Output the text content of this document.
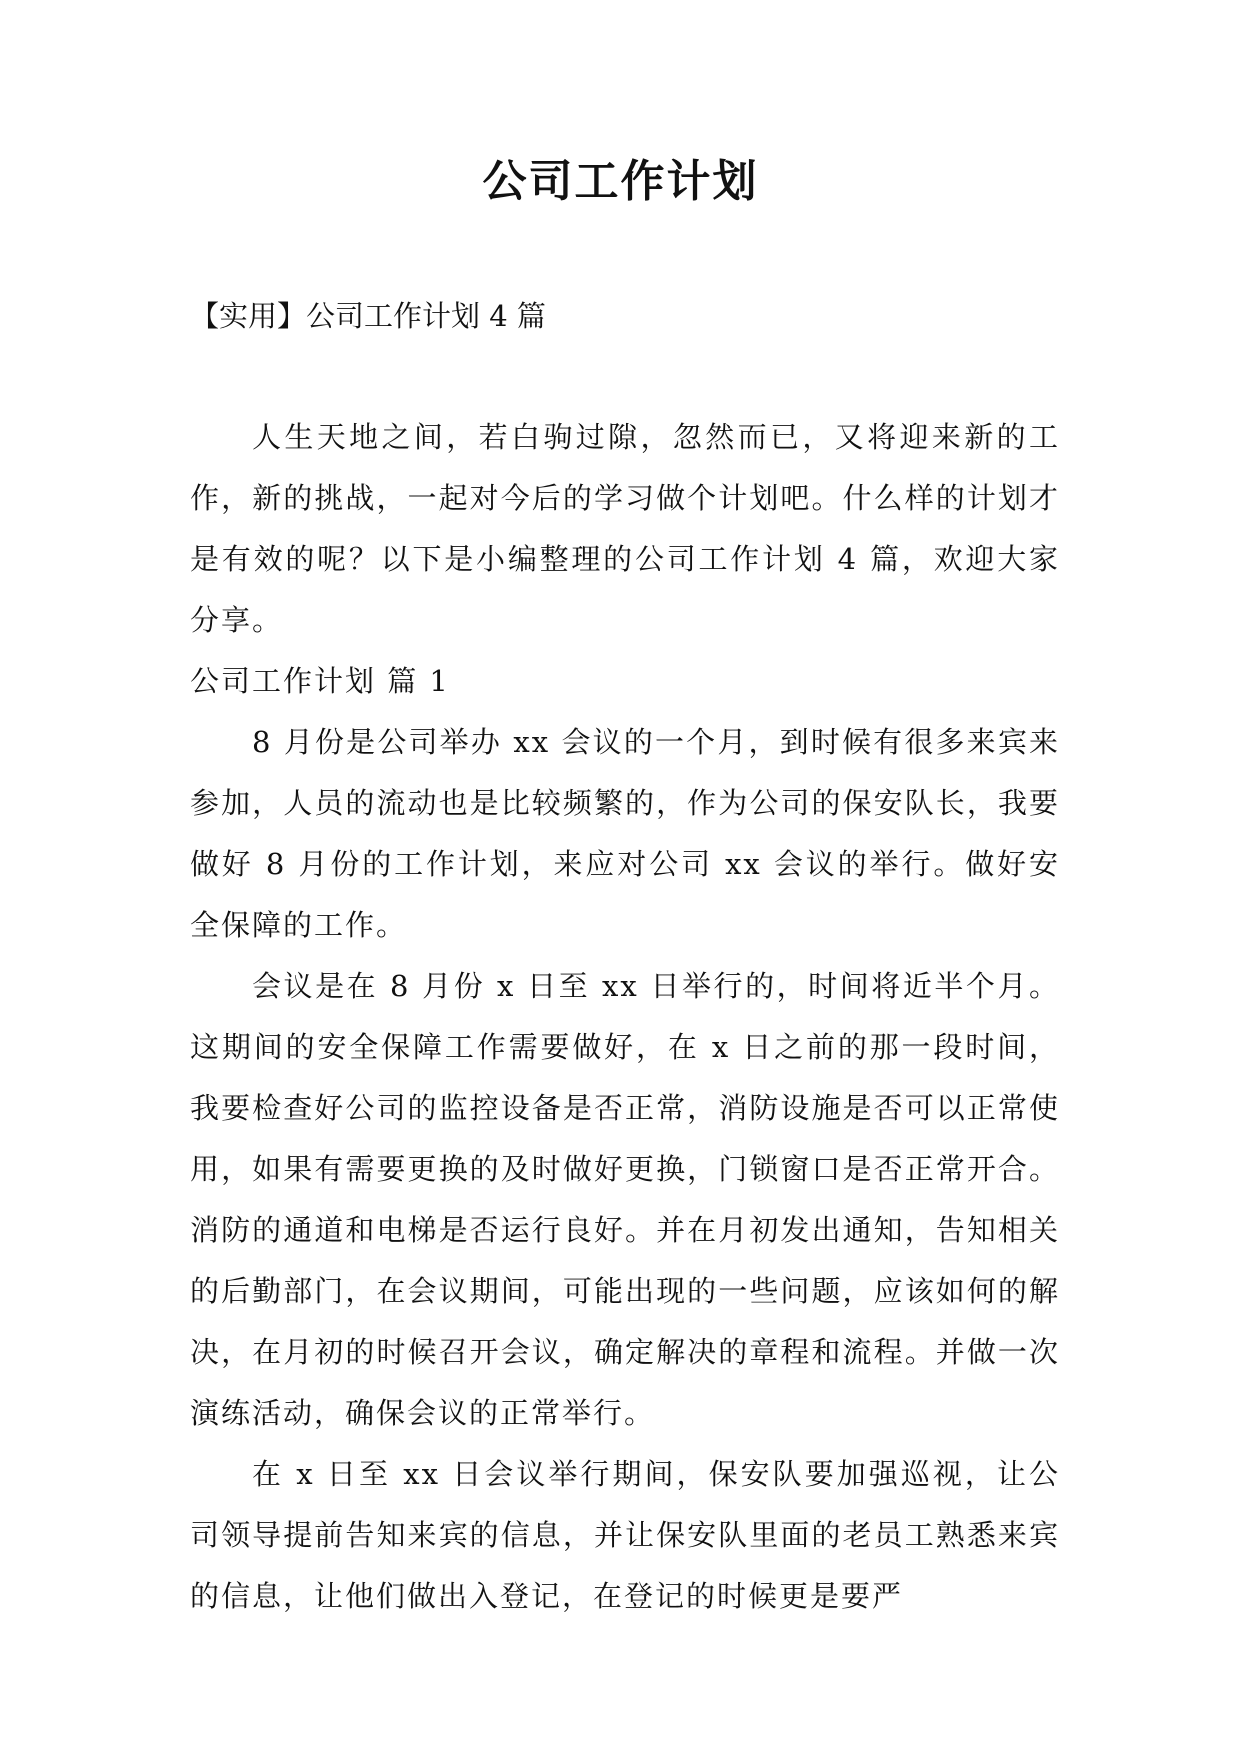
公司工作计划

【实用】公司工作计划 4 篇

人生天地之间，若白驹过隙，忽然而已，又将迎来新的工作，新的挑战，一起对今后的学习做个计划吧。什么样的计划才是有效的呢？以下是小编整理的公司工作计划 4 篇，欢迎大家分享。

公司工作计划 篇 1

8 月份是公司举办 xx 会议的一个月，到时候有很多来宾来参加，人员的流动也是比较频繁的，作为公司的保安队长，我要做好 8 月份的工作计划，来应对公司 xx 会议的举行。做好安全保障的工作。

会议是在 8 月份 x 日至 xx 日举行的，时间将近半个月。这期间的安全保障工作需要做好，在 x 日之前的那一段时间，我要检查好公司的监控设备是否正常，消防设施是否可以正常使用，如果有需要更换的及时做好更换，门锁窗口是否正常开合。消防的通道和电梯是否运行良好。并在月初发出通知，告知相关的后勤部门，在会议期间，可能出现的一些问题，应该如何的解决，在月初的时候召开会议，确定解决的章程和流程。并做一次演练活动，确保会议的正常举行。

在 x 日至 xx 日会议举行期间，保安队要加强巡视，让公司领导提前告知来宾的信息，并让保安队里面的老员工熟悉来宾的信息，让他们做出入登记，在登记的时候更是要严
